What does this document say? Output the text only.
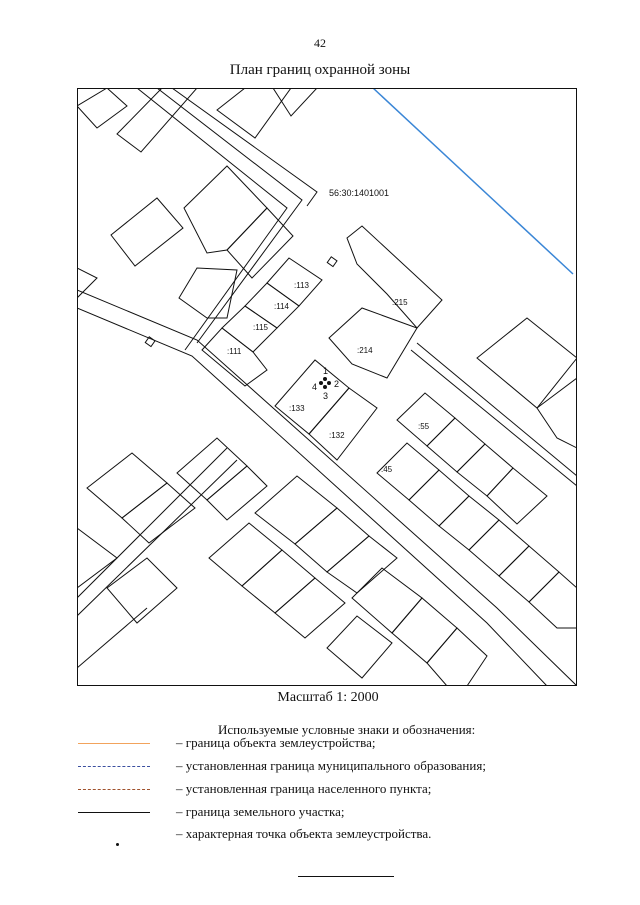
42
План границ охранной зоны
56:30:1401001
:113
:114
:115
:111
:215
:214
:133
:132
:55
:45
1
2
3
4
Масштаб 1: 2000
Используемые условные знаки и обозначения:
– граница объекта землеустройства;
– установленная граница муниципального образования;
– установленная граница населенного пункта;
– граница земельного участка;
– характерная точка объекта землеустройства.
